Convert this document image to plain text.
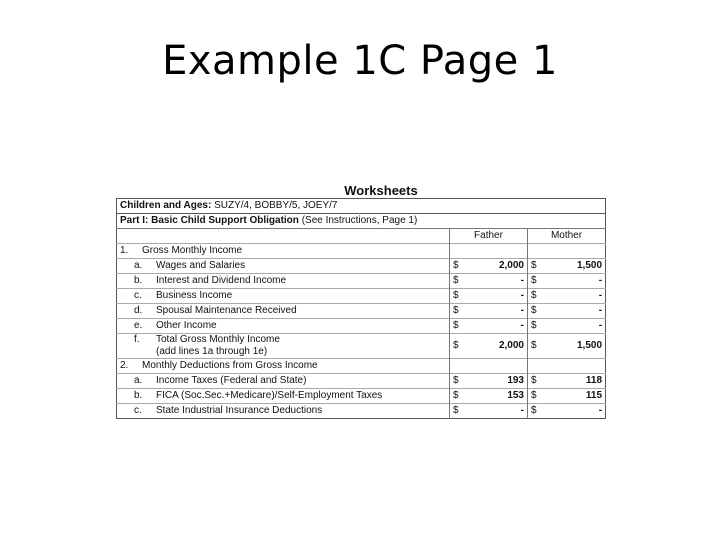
Example 1C Page 1
Worksheets
Children and Ages: SUZY/4, BOBBY/5, JOEY/7				
Part I: Basic Child Support Obligation (See Instructions, Page 1)				
	Father		Mother	
1. Gross Monthly Income				
a. Wages and Salaries	$	2,000	$	1,500
b. Interest and Dividend Income	$	-	$	-
c. Business Income	$	-	$	-
d. Spousal Maintenance Received	$	-	$	-
e. Other Income	$	-	$	-
f. Total Gross Monthly Income
(add lines 1a through 1e)	$	2,000	$	1,500
2. Monthly Deductions from Gross Income				
a. Income Taxes (Federal and State)	$	193	$	118
b. FICA (Soc.Sec.+Medicare)/Self-Employment Taxes	$	153	$	115
c. State Industrial Insurance Deductions	$	-	$	-
